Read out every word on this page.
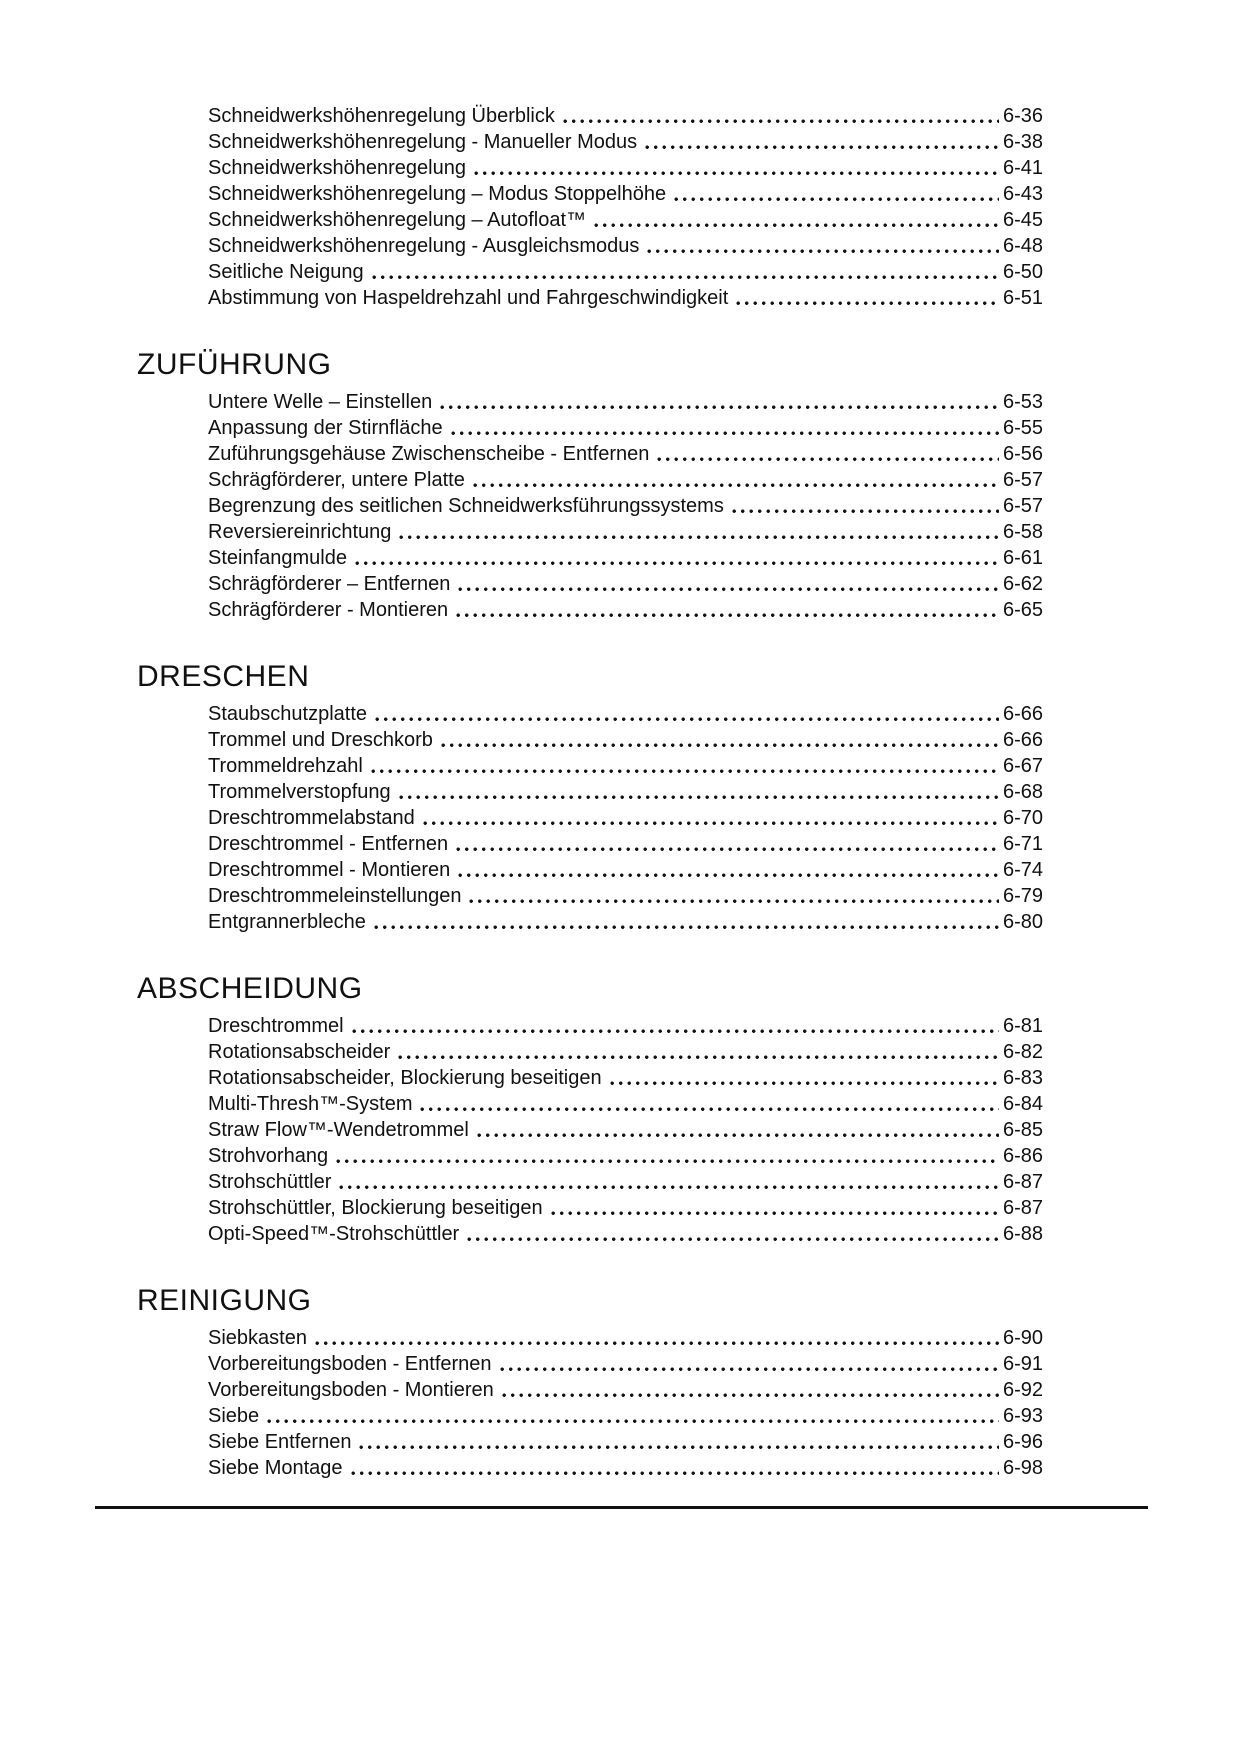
Schneidwerkshöhenregelung Überblick	6-36
Schneidwerkshöhenregelung - Manueller Modus	6-38
Schneidwerkshöhenregelung	6-41
Schneidwerkshöhenregelung – Modus Stoppelhöhe	6-43
Schneidwerkshöhenregelung – Autofloat™	6-45
Schneidwerkshöhenregelung - Ausgleichsmodus	6-48
Seitliche Neigung	6-50
Abstimmung von Haspeldrehzahl und Fahrgeschwindigkeit	6-51
ZUFÜHRUNG
Untere Welle – Einstellen	6-53
Anpassung der Stirnfläche	6-55
Zuführungsgehäuse Zwischenscheibe - Entfernen	6-56
Schrägförderer, untere Platte	6-57
Begrenzung des seitlichen Schneidwerksführungssystems	6-57
Reversiereinrichtung	6-58
Steinfangmulde	6-61
Schrägförderer – Entfernen	6-62
Schrägförderer - Montieren	6-65
DRESCHEN
Staubschutzplatte	6-66
Trommel und Dreschkorb	6-66
Trommeldrehzahl	6-67
Trommelverstopfung	6-68
Dreschtrommelabstand	6-70
Dreschtrommel - Entfernen	6-71
Dreschtrommel - Montieren	6-74
Dreschtrommeleinstellungen	6-79
Entgrannerbleche	6-80
ABSCHEIDUNG
Dreschtrommel	6-81
Rotationsabscheider	6-82
Rotationsabscheider, Blockierung beseitigen	6-83
Multi-Thresh™-System	6-84
Straw Flow™-Wendetrommel	6-85
Strohvorhang	6-86
Strohschüttler	6-87
Strohschüttler, Blockierung beseitigen	6-87
Opti-Speed™-Strohschüttler	6-88
REINIGUNG
Siebkasten	6-90
Vorbereitungsboden - Entfernen	6-91
Vorbereitungsboden - Montieren	6-92
Siebe	6-93
Siebe Entfernen	6-96
Siebe Montage	6-98
